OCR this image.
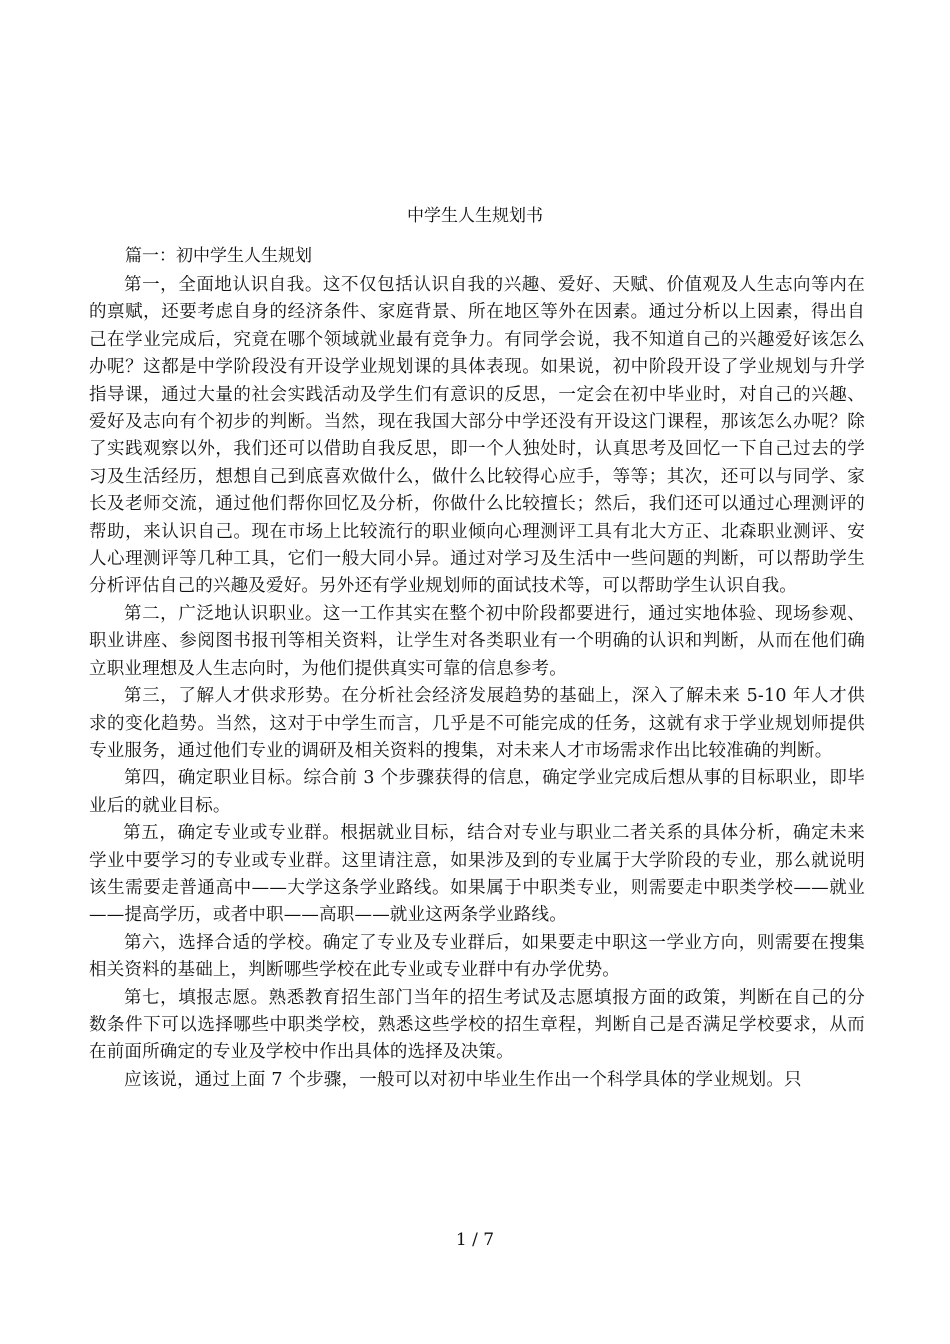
中学生人生规划书
篇一：初中学生人生规划

第一，全面地认识自我。这不仅包括认识自我的兴趣、爱好、天赋、价值观及人生志向等内在的禀赋，还要考虑自身的经济条件、家庭背景、所在地区等外在因素。通过分析以上因素，得出自己在学业完成后，究竟在哪个领域就业最有竞争力。有同学会说，我不知道自己的兴趣爱好该怎么办呢？这都是中学阶段没有开设学业规划课的具体表现。如果说，初中阶段开设了学业规划与升学指导课，通过大量的社会实践活动及学生们有意识的反思，一定会在初中毕业时，对自己的兴趣、爱好及志向有个初步的判断。当然，现在我国大部分中学还没有开设这门课程，那该怎么办呢？除了实践观察以外，我们还可以借助自我反思，即一个人独处时，认真思考及回忆一下自己过去的学习及生活经历，想想自己到底喜欢做什么，做什么比较得心应手，等等；其次，还可以与同学、家长及老师交流，通过他们帮你回忆及分析，你做什么比较擅长；然后，我们还可以通过心理测评的帮助，来认识自己。现在市场上比较流行的职业倾向心理测评工具有北大方正、北森职业测评、安人心理测评等几种工具，它们一般大同小异。通过对学习及生活中一些问题的判断，可以帮助学生分析评估自己的兴趣及爱好。另外还有学业规划师的面试技术等，可以帮助学生认识自我。

第二，广泛地认识职业。这一工作其实在整个初中阶段都要进行，通过实地体验、现场参观、职业讲座、参阅图书报刊等相关资料，让学生对各类职业有一个明确的认识和判断，从而在他们确立职业理想及人生志向时，为他们提供真实可靠的信息参考。

第三，了解人才供求形势。在分析社会经济发展趋势的基础上，深入了解未来 5-10 年人才供求的变化趋势。当然，这对于中学生而言，几乎是不可能完成的任务，这就有求于学业规划师提供专业服务，通过他们专业的调研及相关资料的搜集，对未来人才市场需求作出比较准确的判断。

第四，确定职业目标。综合前 3 个步骤获得的信息，确定学业完成后想从事的目标职业，即毕业后的就业目标。

第五，确定专业或专业群。根据就业目标，结合对专业与职业二者关系的具体分析，确定未来学业中要学习的专业或专业群。这里请注意，如果涉及到的专业属于大学阶段的专业，那么就说明该生需要走普通高中——大学这条学业路线。如果属于中职类专业，则需要走中职类学校——就业——提高学历，或者中职——高职——就业这两条学业路线。

第六，选择合适的学校。确定了专业及专业群后，如果要走中职这一学业方向，则需要在搜集相关资料的基础上，判断哪些学校在此专业或专业群中有办学优势。

第七，填报志愿。熟悉教育招生部门当年的招生考试及志愿填报方面的政策，判断在自己的分数条件下可以选择哪些中职类学校，熟悉这些学校的招生章程，判断自己是否满足学校要求，从而在前面所确定的专业及学校中作出具体的选择及决策。

应该说，通过上面 7 个步骤，一般可以对初中毕业生作出一个科学具体的学业规划。只

1 / 7
